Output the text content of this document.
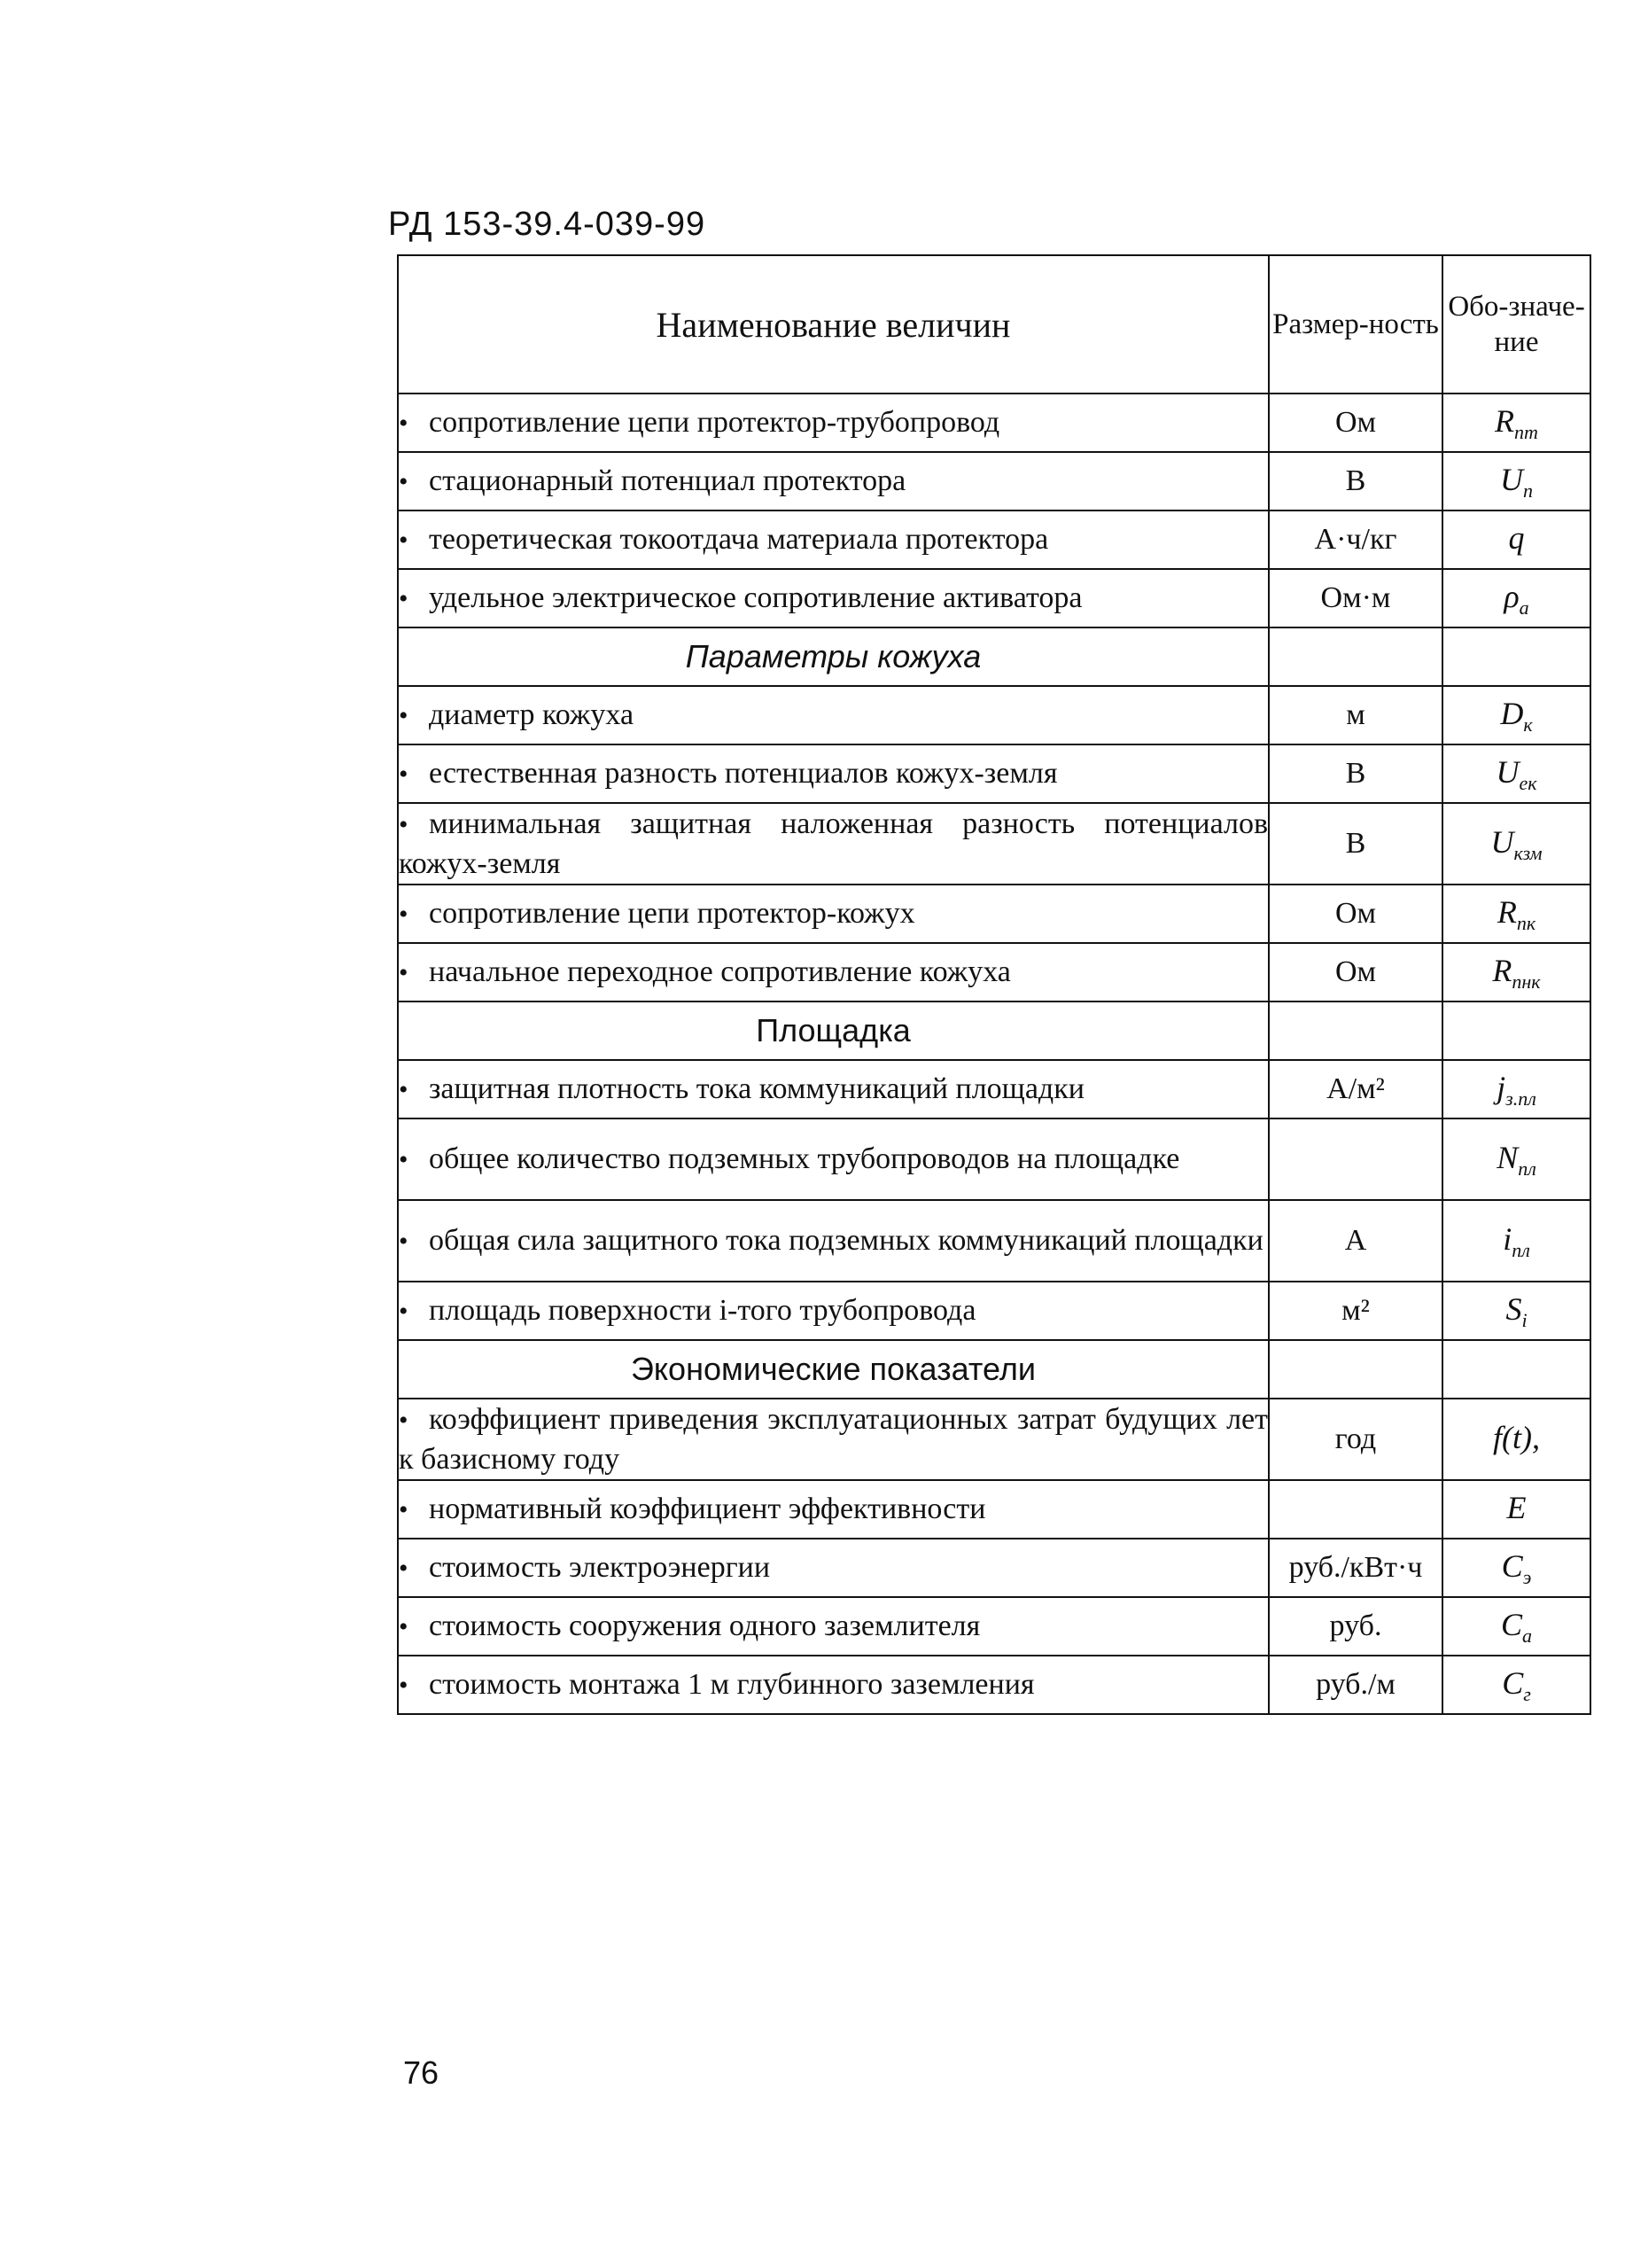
РД 153-39.4-039-99
Наименование величин	Размер-ность	Обо-значе-ние
• сопротивление цепи протектор-трубопровод	Ом	$R_{пт}$
• стационарный потенциал протектора	В	$U_п$
• теоретическая токоотдача материала протектора	А·ч/кг	q
• удельное электрическое сопротивление активатора	Ом·м	$\rho_а$
Параметры кожуха		
• диаметр кожуха	м	$D_к$
• естественная разность потенциалов кожух-земля	В	$U_{ек}$
• минимальная защитная наложенная разность потенциалов кожух-земля	В	$U_{кзм}$
• сопротивление цепи протектор-кожух	Ом	$R_{пк}$
• начальное переходное сопротивление кожуха	Ом	$R_{пнк}$
Площадка		
• защитная плотность тока коммуникаций площадки	А/м²	$j_{з.пл}$
• общее количество подземных трубопроводов на площадке		$N_{пл}$
• общая сила защитного тока подземных коммуникаций площадки	А	$i_{пл}$
• площадь поверхности i-того трубопровода	м²	$S_i$
Экономические показатели		
• коэффициент приведения эксплуатационных затрат будущих лет к базисному году	год	f(t),
• нормативный коэффициент эффективности		E
• стоимость электроэнергии	руб./кВт·ч	$C_э$
• стоимость сооружения одного заземлителя	руб.	$C_а$
• стоимость монтажа 1 м глубинного заземления	руб./м	$C_г$
76
